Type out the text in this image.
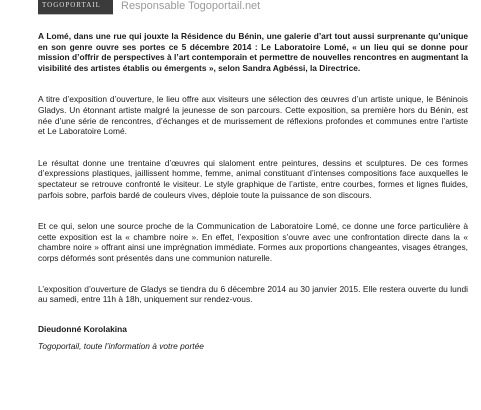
TOGOPORTAIL Responsable Togoportail.net

A Lomé, dans une rue qui jouxte la Résidence du Bénin, une galerie d’art tout aussi surprenante qu’unique en son genre ouvre ses portes ce 5 décembre 2014 : Le Laboratoire Lomé, « un lieu qui se donne pour mission d’offrir de perspectives à l’art contemporain et permettre de nouvelles rencontres en augmentant la visibilité des artistes établis ou émergents », selon Sandra Agbéssi, la Directrice.

A titre d’exposition d’ouverture, le lieu offre aux visiteurs une sélection des œuvres d’un artiste unique, le Béninois Gladys. Un étonnant artiste malgré la jeunesse de son parcours. Cette exposition, sa première hors du Bénin, est née d’une série de rencontres, d’échanges et de murissement de réflexions profondes et communes entre l’artiste et Le Laboratoire Lomé.

Le résultat donne une trentaine d’œuvres qui slaloment entre peintures, dessins et sculptures. De ces formes d’expressions plastiques, jaillissent homme, femme, animal constituant d’intenses compositions face auxquelles le spectateur se retrouve confronté le visiteur. Le style graphique de l’artiste, entre courbes, formes et lignes fluides, parfois sobre, parfois bardé de couleurs vives, déploie toute la puissance de son discours.

Et ce qui, selon une source proche de la Communication de Laboratoire Lomé, ce donne une force particulière à cette exposition est la « chambre noire ». En effet, l’exposition s’ouvre avec une confrontation directe dans la « chambre noire » offrant ainsi une imprégnation immédiate. Formes aux proportions changeantes, visages étranges, corps déformés sont présentés dans une communion naturelle.

L’exposition d’ouverture de Gladys se tiendra du 6 décembre 2014 au 30 janvier 2015. Elle restera ouverte du lundi au samedi, entre 11h à 18h, uniquement sur rendez-vous.

Dieudonné Korolakina

Togoportail, toute l’information à votre portée
